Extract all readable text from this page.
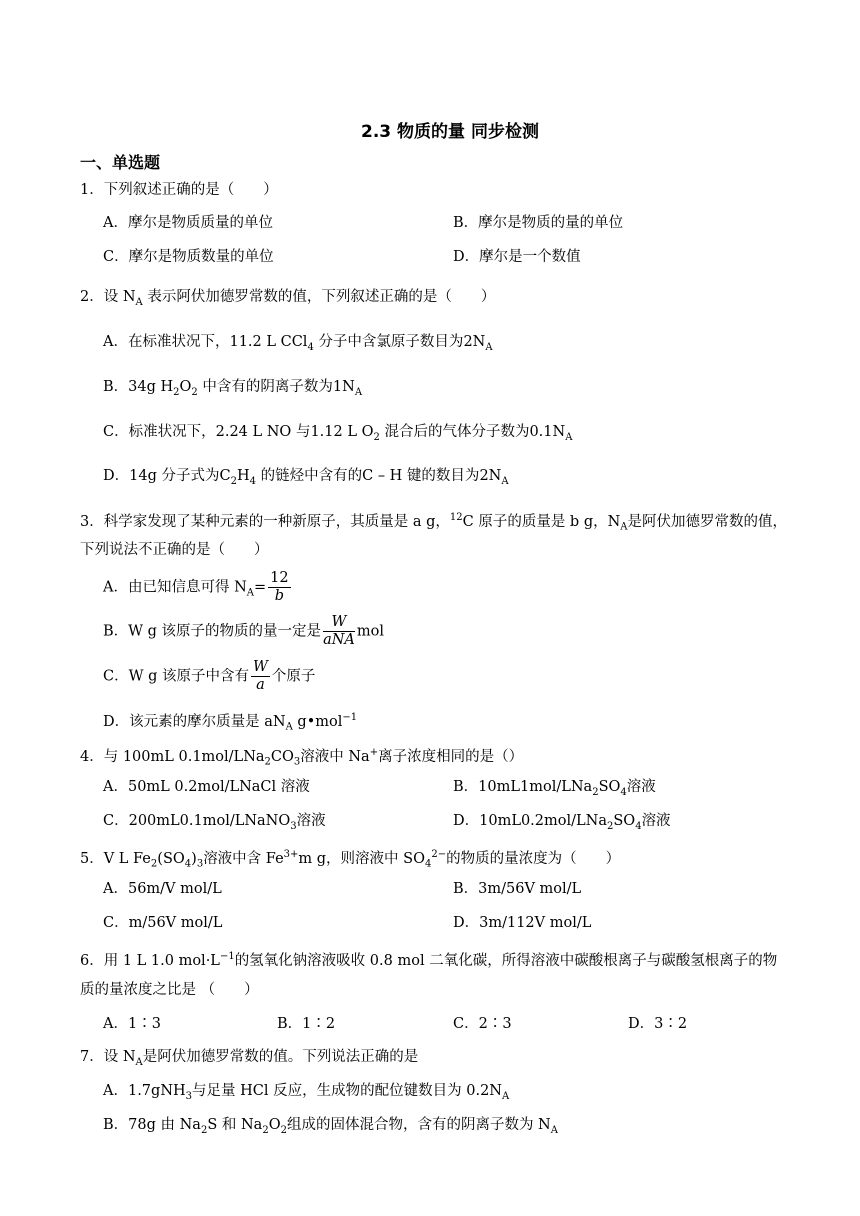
2.3 物质的量 同步检测
一、单选题
1．下列叙述正确的是（　　）
A．摩尔是物质质量的单位	B．摩尔是物质的量的单位
C．摩尔是物质数量的单位	D．摩尔是一个数值
2．设 $N_A$ 表示阿伏加德罗常数的值，下列叙述正确的是（　　）
A．在标准状况下，11.2 L CCl$_4$ 分子中含氯原子数目为$2N_A$
B．34g $H_2O_2$ 中含有的阴离子数为$1N_A$
C．标准状况下，2.24 L NO 与1.12 L $O_2$ 混合后的气体分子数为$0.1N_A$
D．14g 分子式为$C_2H_4$ 的链烃中含有的C – H 键的数目为$2N_A$
3．科学家发现了某种元素的一种新原子，其质量是 a g，$^{12}$C 原子的质量是 b g，$N_A$是阿伏加德罗常数的值，
下列说法不正确的是（　　）
A．由已知信息可得 $N_A= \frac{12}{b}$
B．W g 该原子的物质的量一定是 $\frac{W}{\text{aNA}}$ mol
C．W g 该原子中含有 $\frac{W}{a}$ 个原子
D．该元素的摩尔质量是 $aN_A$ g•mol$^{-1}$
4．与 100mL $0.1mol/LNa_2CO_3$溶液中 Na+离子浓度相同的是（）
A．50mL 0.2mol/LNaCl 溶液	B．$10mL1mol/LNa_2SO_4$溶液
C．200mL0.1mol/LNaNO$_3$溶液	D．$10mL0.2mol/LNa_2SO_4$溶液
5．V L $Fe_2(SO_4)_3$溶液中含 $Fe^{3+}m$ g，则溶液中 $SO_4^{2-}$的物质的量浓度为（　　）
A．56m/V mol/L	B．3m/56V mol/L
C．m/56V mol/L	D．3m/112V mol/L
6．用 1 L 1.0 $mol\cdot L^{-1}$的氢氧化钠溶液吸收 0.8 mol 二氧化碳，所得溶液中碳酸根离子与碳酸氢根离子的物
质的量浓度之比是 （　　）
A．1∶3	B．1∶2	C．2∶3	D．3∶2
7．设 $N_A$是阿伏加德罗常数的值。下列说法正确的是
A．1.7gNH$_3$与足量 HCl 反应，生成物的配位键数目为 $0.2N_A$
B．78g 由 $Na_2S$ 和 $Na_2O_2$组成的固体混合物，含有的阴离子数为 $N_A$
